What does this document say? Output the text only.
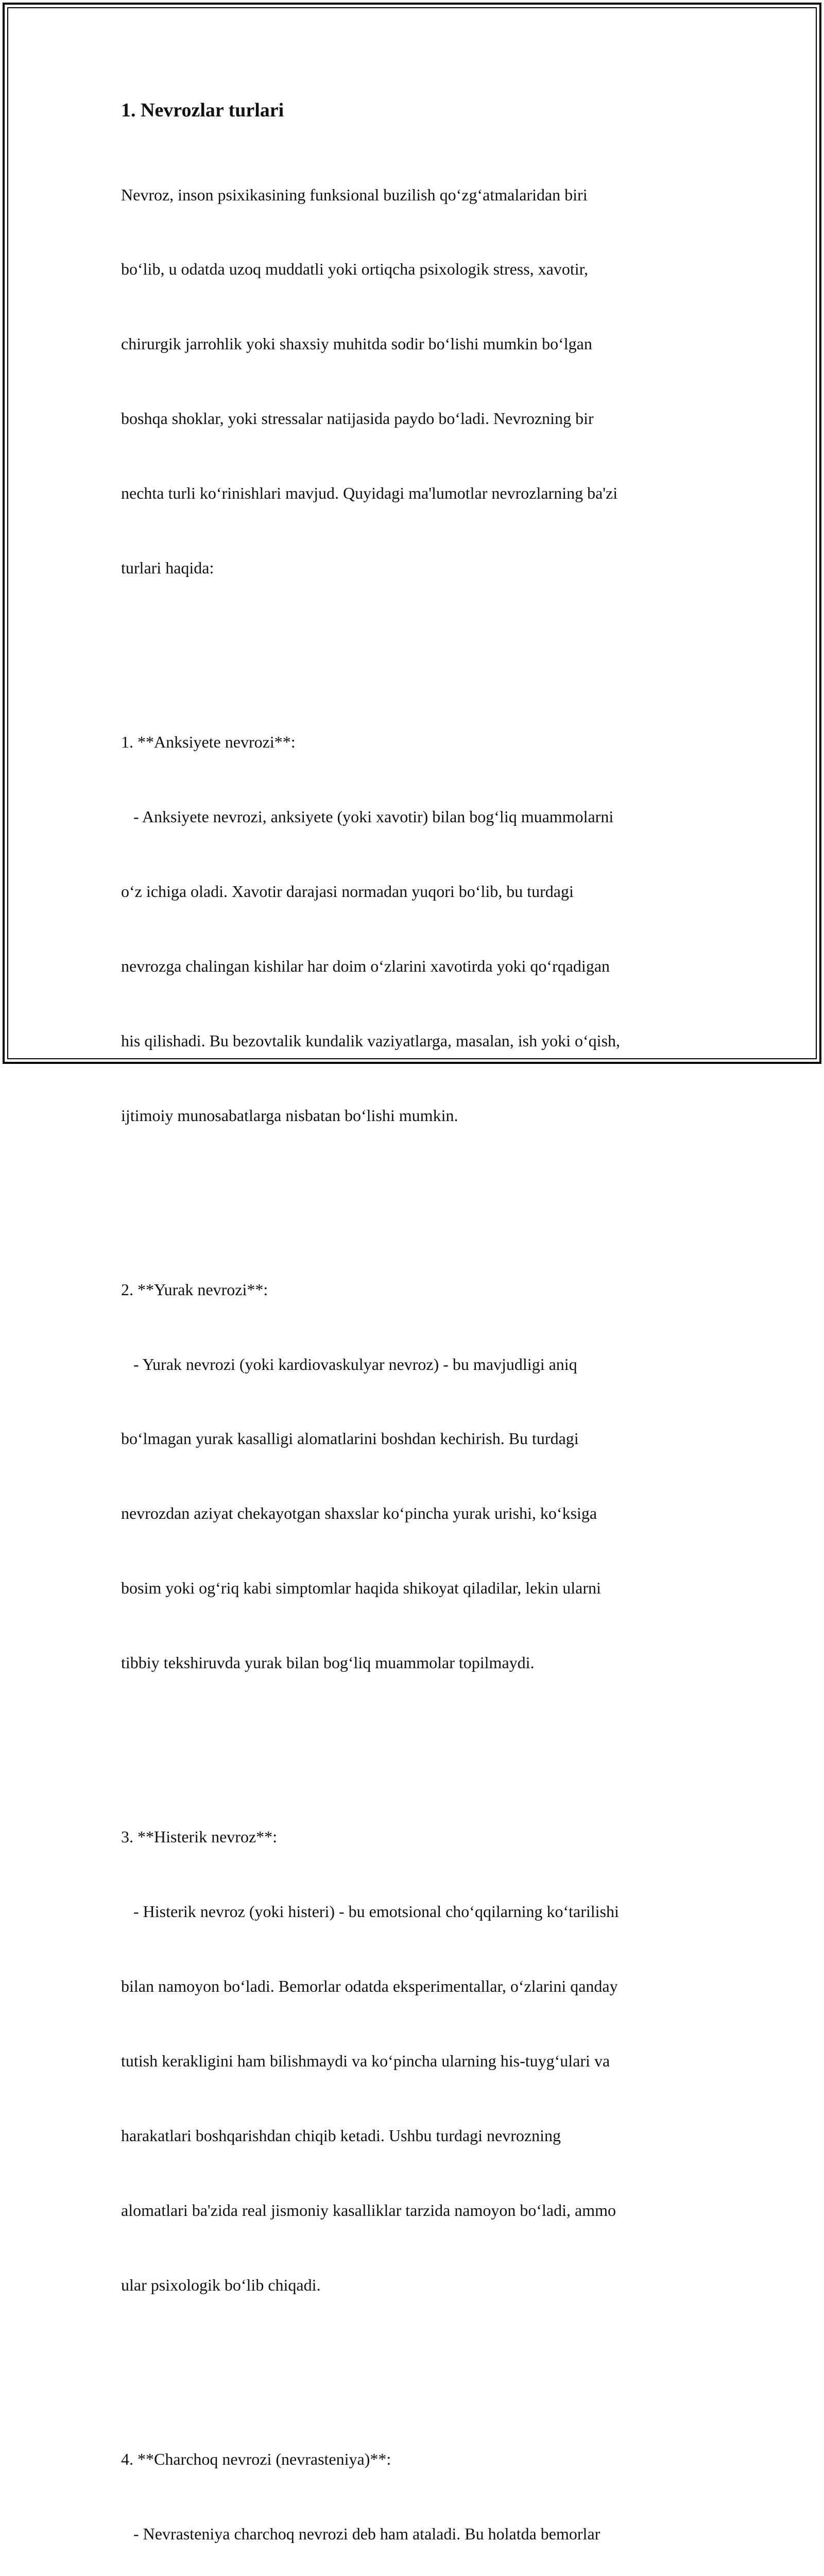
1. Nevrozlar turlari

Nevroz, inson psixikasining funksional buzilish qo‘zg‘atmalaridan biri

bo‘lib, u odatda uzoq muddatli yoki ortiqcha psixologik stress, xavotir,

chirurgik jarrohlik yoki shaxsiy muhitda sodir bo‘lishi mumkin bo‘lgan

boshqa shoklar, yoki stressalar natijasida paydo bo‘ladi. Nevrozning bir

nechta turli ko‘rinishlari mavjud. Quyidagi ma'lumotlar nevrozlarning ba'zi

turlari haqida:

1. **Anksiyete nevrozi**:

- Anksiyete nevrozi, anksiyete (yoki xavotir) bilan bog‘liq muammolarni

o‘z ichiga oladi. Xavotir darajasi normadan yuqori bo‘lib, bu turdagi

nevrozga chalingan kishilar har doim o‘zlarini xavotirda yoki qo‘rqadigan

his qilishadi. Bu bezovtalik kundalik vaziyatlarga, masalan, ish yoki o‘qish,

ijtimoiy munosabatlarga nisbatan bo‘lishi mumkin.

2. **Yurak nevrozi**:

- Yurak nevrozi (yoki kardiovaskulyar nevroz) - bu mavjudligi aniq

bo‘lmagan yurak kasalligi alomatlarini boshdan kechirish. Bu turdagi

nevrozdan aziyat chekayotgan shaxslar ko‘pincha yurak urishi, ko‘ksiga

bosim yoki og‘riq kabi simptomlar haqida shikoyat qiladilar, lekin ularni

tibbiy tekshiruvda yurak bilan bog‘liq muammolar topilmaydi.

3. **Histerik nevroz**:

- Histerik nevroz (yoki histeri) - bu emotsional cho‘qqilarning ko‘tarilishi

bilan namoyon bo‘ladi. Bemorlar odatda eksperimentallar, o‘zlarini qanday

tutish kerakligini ham bilishmaydi va ko‘pincha ularning his-tuyg‘ulari va

harakatlari boshqarishdan chiqib ketadi. Ushbu turdagi nevrozning

alomatlari ba'zida real jismoniy kasalliklar tarzida namoyon bo‘ladi, ammo

ular psixologik bo‘lib chiqadi.

4. **Charchoq nevrozi (nevrasteniya)**:

- Nevrasteniya charchoq nevrozi deb ham ataladi. Bu holatda bemorlar
